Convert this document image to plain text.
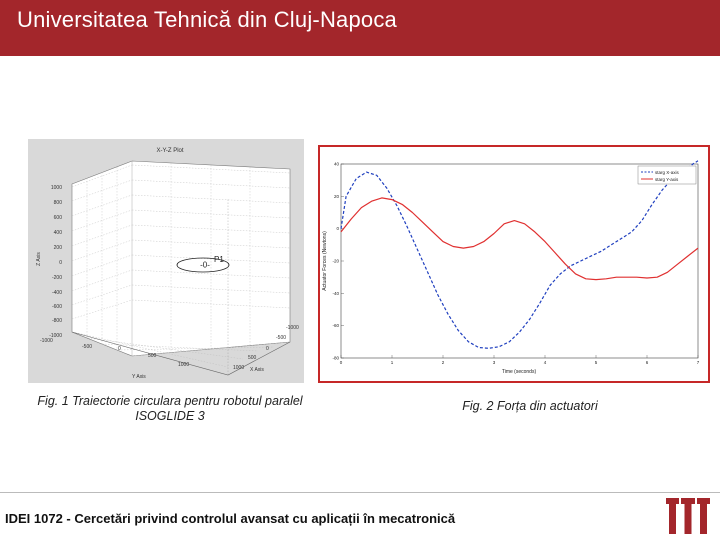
Universitatea Tehnică din Cluj-Napoca
X-Y-Z Plot
1000
800
600
400
200
0
-200
-400
-600
-800
-1000
Z Axis
-1000
-500
0
500
1000 X Axis
1000
500
0
-500
-1000
Y Axis
-0-
P1
Fig. 1 Traiectorie circulara pentru robotul paralel ISOGLIDE 3
40
20
0
-20
-40
-60
-80
0	1	2	3	4	5	6	7
Actuator Forces (Newtons)
Time (seconds)
starg X-axis
starg Y-axis
Fig. 2 Forța din actuatori
IDEI 1072 - Cercetări privind controlul avansat cu aplicații în mecatronică
